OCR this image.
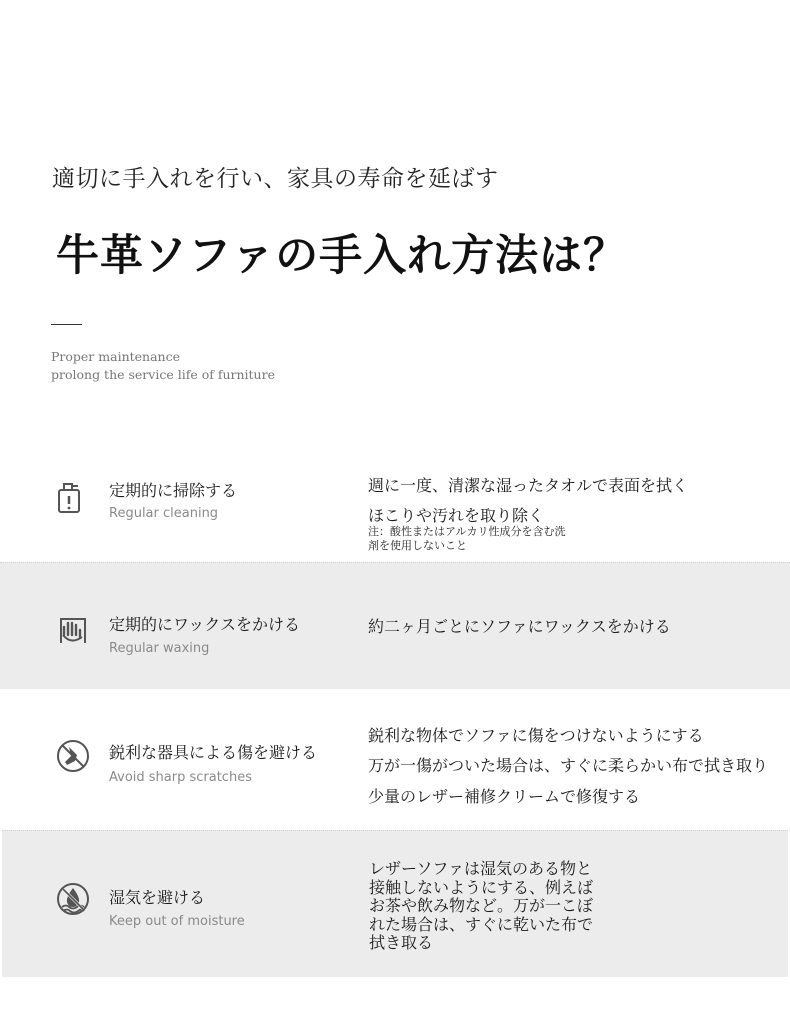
適切に手入れを行い、家具の寿命を延ばす
牛革ソファの手入れ方法は？
Proper maintenance
prolong the service life of furniture
定期的に掃除する
Regular cleaning
週に一度、清潔な湿ったタオルで表面を拭く
ほこりや汚れを取り除く
注：酸性またはアルカリ性成分を含む洗
剤を使用しないこと
定期的にワックスをかける
Regular waxing
約二ヶ月ごとにソファにワックスをかける
鋭利な器具による傷を避ける
Avoid sharp scratches
鋭利な物体でソファに傷をつけないようにする
万が一傷がついた場合は、すぐに柔らかい布で拭き取り
少量のレザー補修クリームで修復する
湿気を避ける
Keep out of moisture
レザーソファは湿気のある物と
接触しないようにする、例えば
お茶や飲み物など。万が一こぼ
れた場合は、すぐに乾いた布で
拭き取る
